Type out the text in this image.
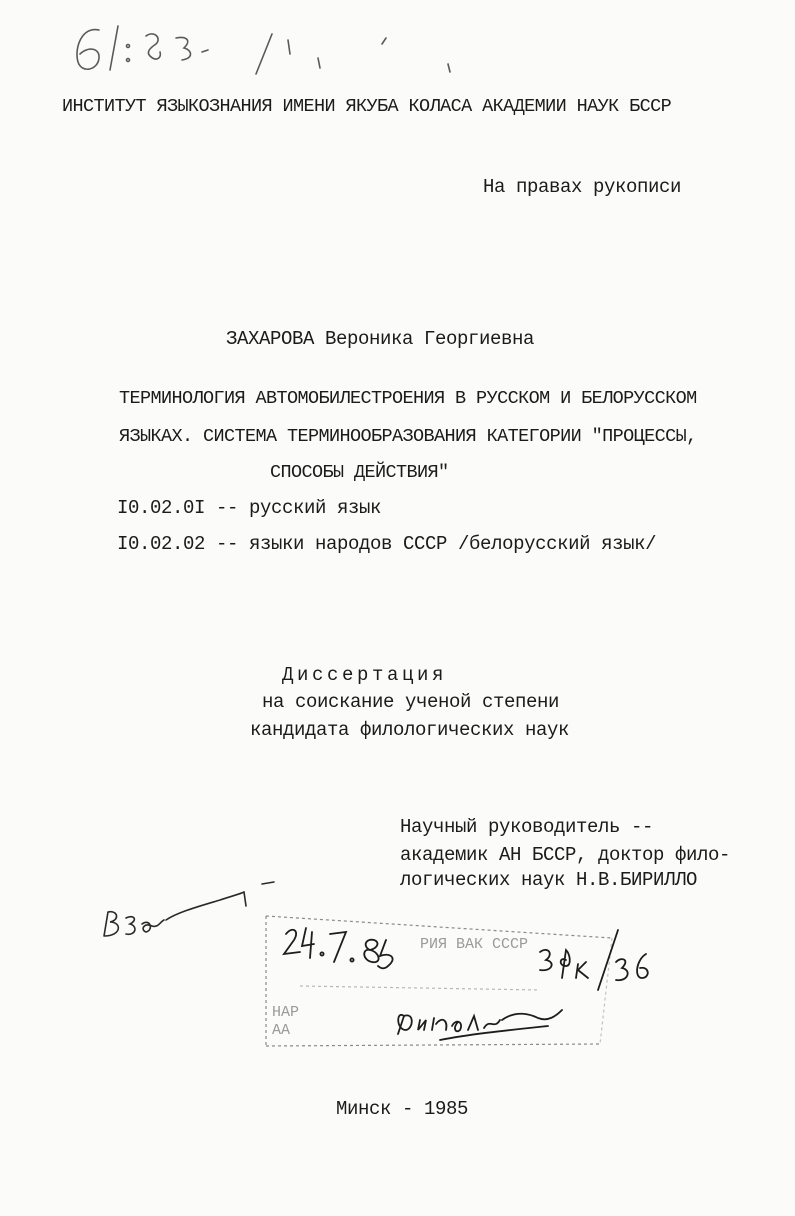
ИНСТИТУТ ЯЗЫКОЗНАНИЯ ИМЕНИ ЯКУБА КОЛАСА АКАДЕМИИ НАУК БССР
На правах рукописи
ЗАХАРОВА Вероника Георгиевна
ТЕРМИНОЛОГИЯ АВТОМОБИЛЕСТРОЕНИЯ В РУССКОМ И БЕЛОРУССКОМ
ЯЗЫКАХ. СИСТЕМА ТЕРМИНООБРАЗОВАНИЯ КАТЕГОРИИ "ПРОЦЕССЫ,
СПОСОБЫ ДЕЙСТВИЯ"
I0.02.0I -- русский язык
I0.02.02 -- языки народов СССР /белорусский язык/
Диссертация
на соискание ученой степени
кандидата филологических наук
Научный руководитель --
академик АН БССР, доктор фило-
логических наук Н.В.БИРИЛЛО
РИЯ ВАК СССР
НАР
АА
Минск - 1985
